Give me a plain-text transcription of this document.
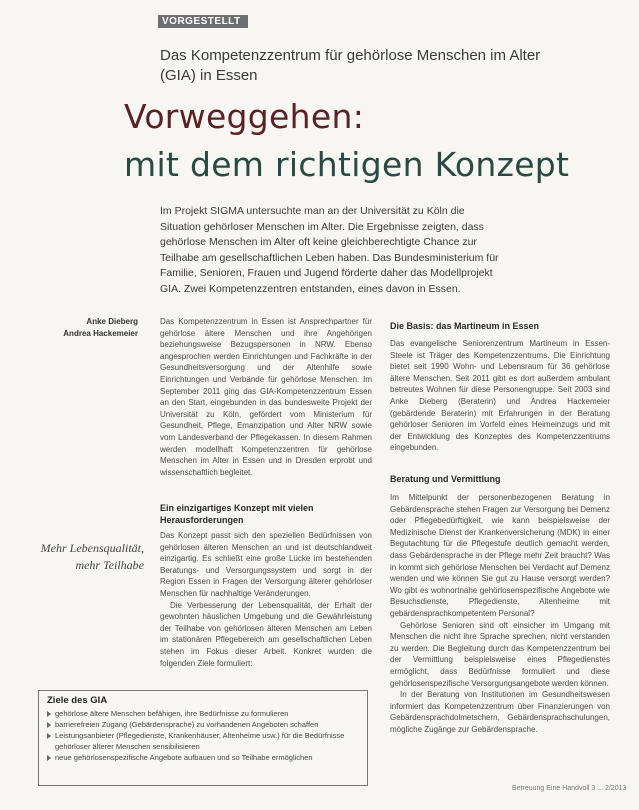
VORGESTELLT
Das Kompetenzzentrum für gehörlose Menschen im Alter (GIA) in Essen
Vorweggehen:
mit dem richtigen Konzept
Im Projekt SIGMA untersuchte man an der Universität zu Köln die Situation gehörloser Menschen im Alter. Die Ergebnisse zeigten, dass gehörlose Menschen im Alter oft keine gleichberechtigte Chance zur Teilhabe am gesellschaftlichen Leben haben. Das Bundesministerium für Familie, Senioren, Frauen und Jugend förderte daher das Modellprojekt GIA. Zwei Kompetenzzentren entstanden, eines davon in Essen.
Anke Dieberg
Andrea Hackemeier

Das Kompetenzzentrum in Essen ist Ansprechpartner für gehörlose ältere Menschen und ihre Angehörigen beziehungsweise Bezugspersonen in NRW. Ebenso angesprochen werden Einrichtungen und Fachkräfte in der Gesundheitsversorgung und der Altenhilfe sowie Einrichtungen und Verbände für gehörlose Menschen. Im September 2011 ging das GIA-Kompetenzzentrum Essen an den Start, eingebunden in das bundesweite Projekt der Universität zu Köln, gefördert vom Ministerium für Gesundheit, Pflege, Emanzipation und Alter NRW sowie vom Landesverband der Pflegekassen. In diesem Rahmen werden modellhaft Kompetenzzentren für gehörlose Menschen im Alter in Essen und in Dresden erprobt und wissenschaftlich begleitet.

Ein einzigartiges Konzept mit vielen Herausforderungen

Das Konzept passt sich den speziellen Bedürfnissen von gehörlosen älteren Menschen an und ist deutschlandweit einzigartig. Es schließt eine große Lücke im bestehenden Beratungs- und Versorgungssystem und sorgt in der Region Essen in Fragen der Versorgung älterer gehörloser Menschen für nachhaltige Veränderungen.

Die Verbesserung der Lebensqualität, der Erhalt der gewohnten häuslichen Umgebung und die Gewährleistung der Teilhabe von gehörlosen älteren Menschen am Leben im stationären Pflegebereich am gesellschaftlichen Leben stehen im Fokus dieser Arbeit. Konkret wurden die folgenden Ziele formuliert:

Die Basis: das Martineum in Essen

Das evangelische Seniorenzentrum Martineum in Essen-Steele ist Träger des Kompetenzzentrums. Die Einrichtung bietet seit 1990 Wohn- und Lebensraum für 36 gehörlose ältere Menschen. Seit 2011 gibt es dort außerdem ambulant betreutes Wohnen für diese Personengruppe. Seit 2003 sind Anke Dieberg (Beraterin) und Andrea Hackemeier (gebärdende Beraterin) mit Erfahrungen in der Beratung gehörloser Senioren im Vorfeld eines Heimeinzugs und mit der Entwicklung des Konzeptes des Kompetenzzentrums eingebunden.

Beratung und Vermittlung

Im Mittelpunkt der personenbezogenen Beratung in Gebärdensprache stehen Fragen zur Versorgung bei Demenz oder Pflegebedürftigkeit, wie kann beispielsweise der Medizinische Dienst der Krankenversicherung (MDK) in einer Begutachtung für die Pflegestufe deutlich gemacht werden, dass Gebärdensprache in der Pflege mehr Zeit braucht? Was in kommt sich gehörlose Menschen bei Verdacht auf Demenz wenden und wie können Sie gut zu Hause versorgt werden? Wo gibt es wohnortnahe gehörlosenspezifische Angebote wie Besuchsdienste, Pflegedienste, Altenheime mit gebärdensprachkompetentem Personal?

Gehörlose Senioren sind oft einsicher im Umgang mit Menschen die nicht ihre Sprache sprechen, nicht verstanden zu werden. Die Begleitung durch das Kompetenzzentrum bei der Vermittlung beispielsweise eines Pflegedienstes ermöglicht, dass Bedürfnisse formuliert und diese gehörlosenspezifische Versorgungsangebote werden können.

In der Beratung von Institutionen im Gesundheitswesen informiert das Kompetenzzentrum über Finanzierungen von Gebärdensprachdolmetschern, Gebärdensprachschulungen, mögliche Zugänge zur Gebärdensprache.

Mehr Lebensqualität,
mehr Teilhabe
Ziele des GIA
gehörlose ältere Menschen befähigen, ihre Bedürfnisse zu formulieren
barrierefreien Zugang (Gebärdensprache) zu vorhandenen Angeboten schaffen
Leistungsanbieter (Pflegedienste, Krankenhäuser, Altenheime usw.) für die Bedürfnisse gehörloser älterer Menschen sensibilisieren
neue gehörlosenspezifische Angebote aufbauen und so Teilhabe ermöglichen
Betreuung Eine Handvoll 3 ... 2/2013
